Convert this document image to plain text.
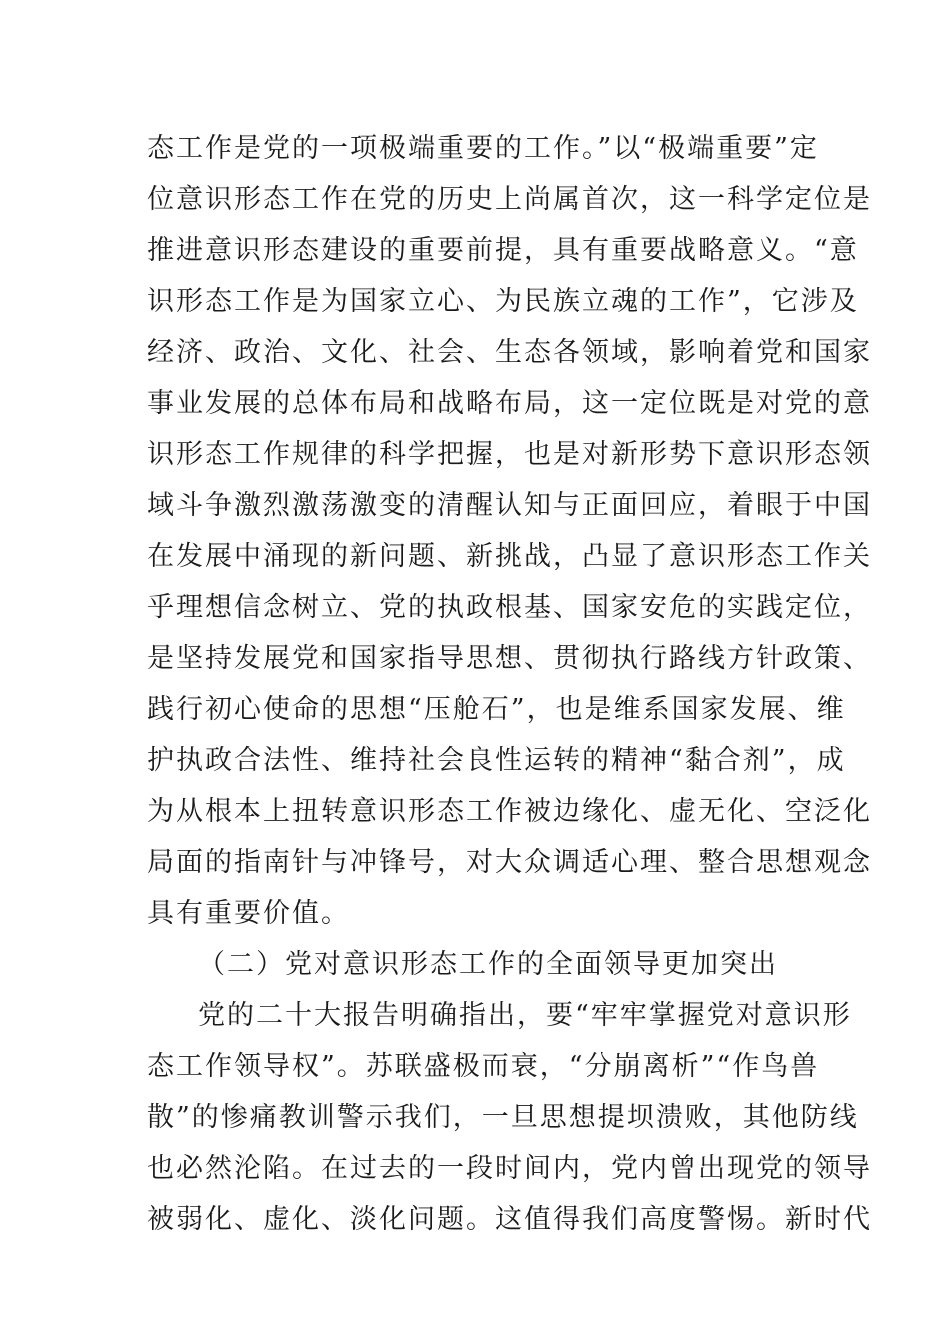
态工作是党的一项极端重要的工作。”以“极端重要”定
位意识形态工作在党的历史上尚属首次，这一科学定位是
推进意识形态建设的重要前提，具有重要战略意义。“意
识形态工作是为国家立心、为民族立魂的工作”，它涉及
经济、政治、文化、社会、生态各领域，影响着党和国家
事业发展的总体布局和战略布局，这一定位既是对党的意
识形态工作规律的科学把握，也是对新形势下意识形态领
域斗争激烈激荡激变的清醒认知与正面回应，着眼于中国
在发展中涌现的新问题、新挑战，凸显了意识形态工作关
乎理想信念树立、党的执政根基、国家安危的实践定位，
是坚持发展党和国家指导思想、贯彻执行路线方针政策、
践行初心使命的思想“压舱石”，也是维系国家发展、维
护执政合法性、维持社会良性运转的精神“黏合剂”，成
为从根本上扭转意识形态工作被边缘化、虚无化、空泛化
局面的指南针与冲锋号，对大众调适心理、整合思想观念
具有重要价值。
（二）党对意识形态工作的全面领导更加突出
党的二十大报告明确指出，要“牢牢掌握党对意识形
态工作领导权”。苏联盛极而衰，“分崩离析”“作鸟兽
散”的惨痛教训警示我们，一旦思想提坝溃败，其他防线
也必然沦陷。在过去的一段时间内，党内曾出现党的领导
被弱化、虚化、淡化问题。这值得我们高度警惕。新时代
